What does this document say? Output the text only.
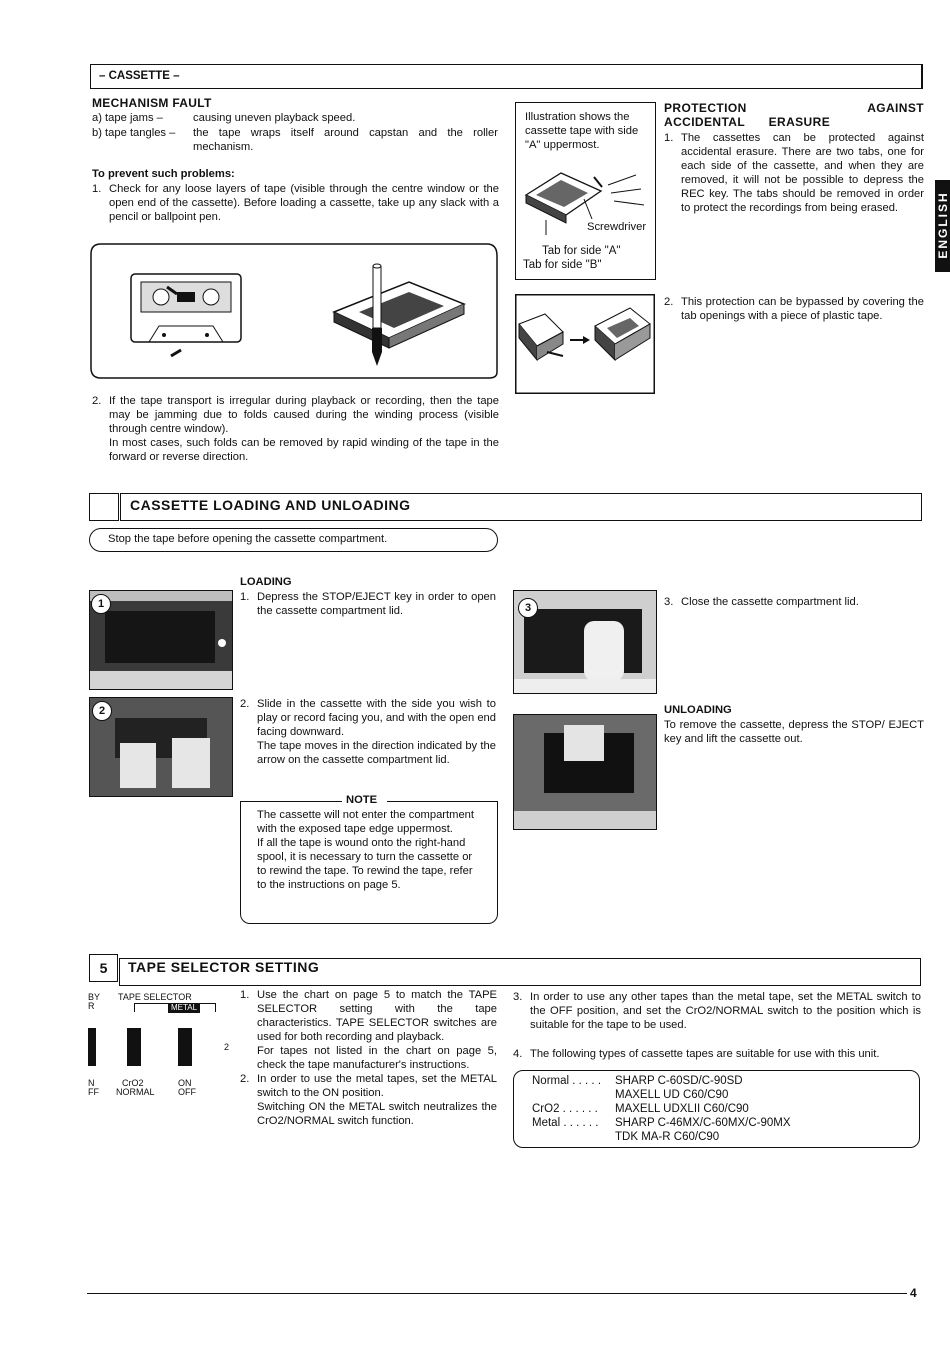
– CASSETTE –
MECHANISM FAULT
a) tape jams –	causing uneven playback speed.
b) tape tangles – the tape wraps itself around capstan and the roller mechanism.
To prevent such problems:
1. Check for any loose layers of tape (visible through the centre window or the open end of the cassette). Before loading a cassette, take up any slack with a pencil or ballpoint pen.

2. If the tape transport is irregular during playback or recording, then the tape may be jamming due to folds caused during the winding process (visible through centre window).

In most cases, such folds can be removed by rapid winding of the tape in the forward or reverse direction.

Illustration shows the cassette tape with side "A" uppermost.
Screwdriver
Tab for side "A"
Tab for side "B"
PROTECTION AGAINST ACCIDENTAL ERASURE
1. The cassettes can be protected against accidental erasure. There are two tabs, one for each side of the cassette, and when they are removed, it will not be possible to depress the REC key. The tabs should be removed in order to protect the recordings from being erased.

2. This protection can be bypassed by covering the tab openings with a piece of plastic tape.

ENGLISH
3	CASSETTE LOADING AND UNLOADING
Stop the tape before opening the cassette compartment.
1
LOADING
1. Depress the STOP/EJECT key in order to open the cassette compartment lid.

2
2. Slide in the cassette with the side you wish to play or record facing you, and with the open end facing downward.

The tape moves in the direction indicated by the arrow on the cassette compartment lid.

NOTE

The cassette will not enter the compartment with the exposed tape edge uppermost.

If all the tape is wound onto the right-hand spool, it is necessary to turn the cassette or to rewind the tape. To rewind the tape, refer to the instructions on page 5.

3	3. Close the cassette compartment lid.

UNLOADING
To remove the cassette, depress the STOP/ EJECT key and lift the cassette out.
5	TAPE SELECTOR SETTING
BY
R
TAPE SELECTOR
METAL
2
N
FF
CrO2
NORMAL
ON
OFF
1. Use the chart on page 5 to match the TAPE SELECTOR setting with the tape characteristics. TAPE SELECTOR switches are used for both recording and playback.

For tapes not listed in the chart on page 5, check the tape manufacturer's instructions.

2. In order to use the metal tapes, set the METAL switch to the ON position.

Switching ON the METAL switch neutralizes the CrO2/NORMAL switch function.

3. In order to use any other tapes than the metal tape, set the METAL switch to the OFF position, and set the CrO2/NORMAL switch to the position which is suitable for the tape to be used.

4. The following types of cassette tapes are suitable for use with this unit.

Normal . . . . . SHARP C-60SD/C-90SD
MAXELL UD C60/C90
CrO2 . . . . . . MAXELL UDXLII C60/C90
Metal . . . . . . SHARP C-46MX/C-60MX/C-90MX
TDK MA-R C60/C90
4
